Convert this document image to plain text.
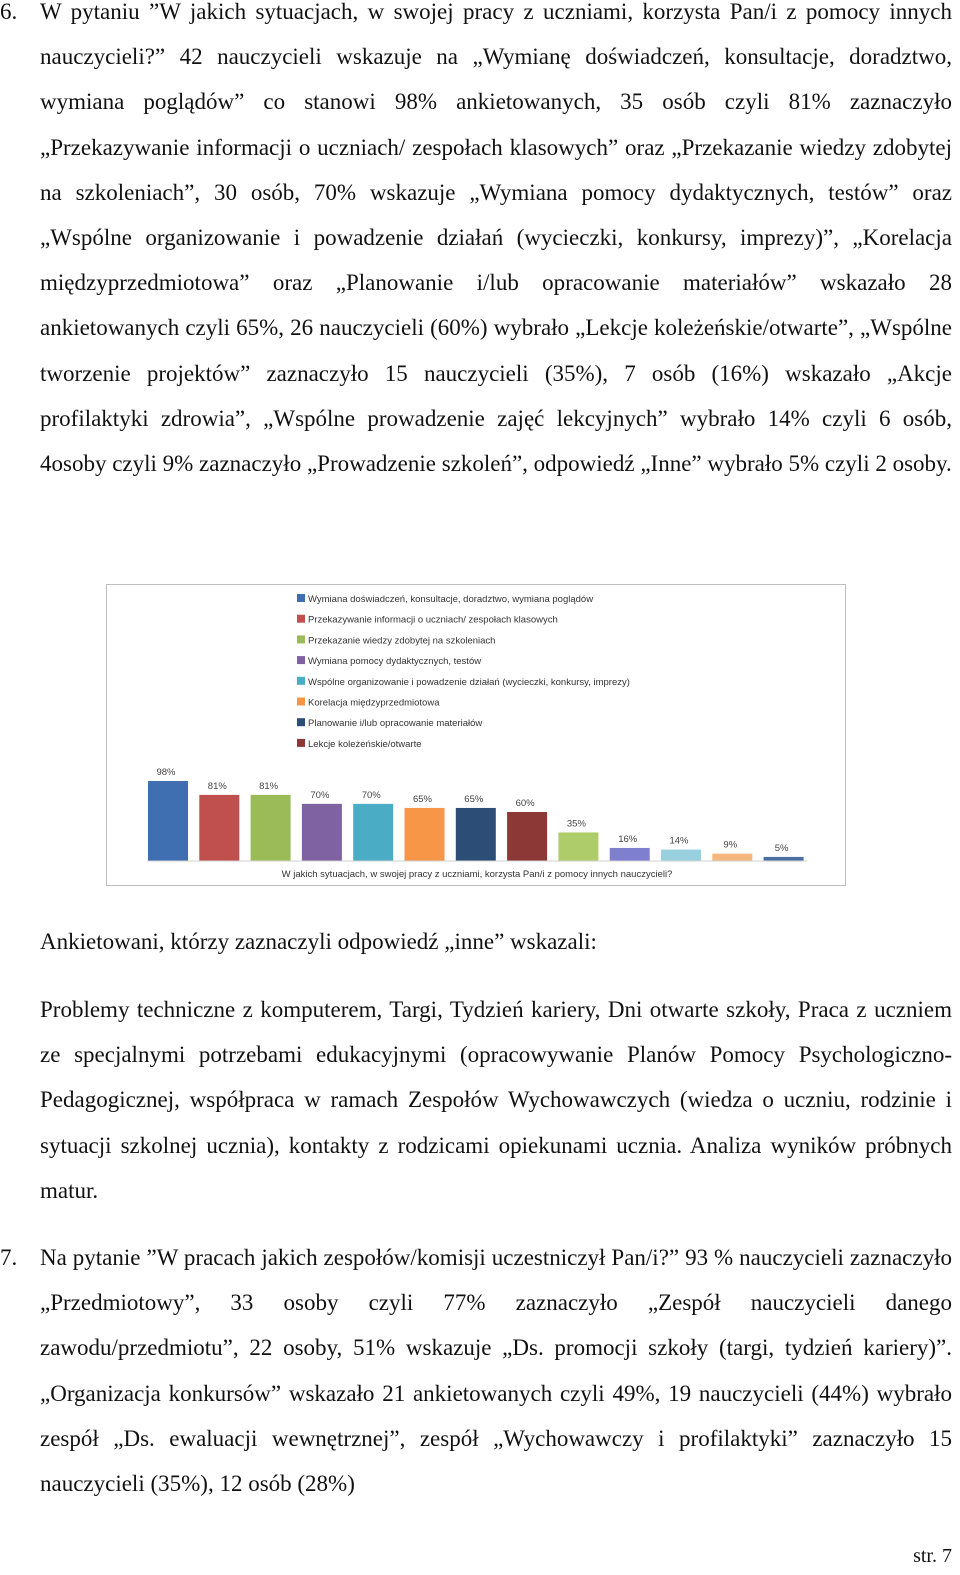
6. W pytaniu ”W jakich sytuacjach, w swojej pracy z uczniami, korzysta Pan/i z pomocy innych nauczycieli?” 42 nauczycieli wskazuje na „Wymianę doświadczeń, konsultacje, doradztwo, wymiana poglądów” co stanowi 98% ankietowanych, 35 osób czyli 81% zaznaczyło „Przekazywanie informacji o uczniach/ zespołach klasowych” oraz „Przekazanie wiedzy zdobytej na szkoleniach”, 30 osób, 70% wskazuje „Wymiana pomocy dydaktycznych, testów” oraz „Wspólne organizowanie i powadzenie działań (wycieczki, konkursy, imprezy)”, „Korelacja międzyprzedmiotowa” oraz „Planowanie i/lub opracowanie materiałów” wskazało 28 ankietowanych czyli 65%, 26 nauczycieli (60%) wybrało „Lekcje koleżeńskie/otwarte”, „Wspólne tworzenie projektów” zaznaczyło 15 nauczycieli (35%), 7 osób (16%) wskazało „Akcje profilaktyki zdrowia”, „Wspólne prowadzenie zajęć lekcyjnych” wybrało 14% czyli 6 osób, 4osoby czyli 9% zaznaczyło „Prowadzenie szkoleń”, odpowiedź „Inne” wybrało 5% czyli 2 osoby.

Wymiana doświadczeń, konsultacje, doradztwo, wymiana poglądów
Przekazywanie informacji o uczniach/ zespołach klasowych
Przekazanie wiedzy zdobytej na szkoleniach
Wymiana pomocy dydaktycznych, testów
Wspólne organizowanie i powadzenie działań (wycieczki, konkursy, imprezy)
Korelacja międzyprzedmiotowa
Planowanie i/lub opracowanie materiałów
Lekcje koleżeńskie/otwarte
98%
81%	81%
70%	70%	65%	65%	60%
35%
16%	14%	9%	5%
W jakich sytuacjach, w swojej pracy z uczniami, korzysta Pan/i z pomocy innych nauczycieli?

Ankietowani, którzy zaznaczyli odpowiedź „inne” wskazali:

Problemy techniczne z komputerem, Targi, Tydzień kariery, Dni otwarte szkoły, Praca z uczniem ze specjalnymi potrzebami edukacyjnymi (opracowywanie Planów Pomocy Psychologiczno- Pedagogicznej, współpraca w ramach Zespołów Wychowawczych (wiedza o uczniu, rodzinie i sytuacji szkolnej ucznia), kontakty z rodzicami opiekunami ucznia. Analiza wyników próbnych matur.

7. Na pytanie ”W pracach jakich zespołów/komisji uczestniczył Pan/i?” 93 % nauczycieli zaznaczyło „Przedmiotowy”, 33 osoby czyli 77% zaznaczyło „Zespół nauczycieli danego zawodu/przedmiotu”, 22 osoby, 51% wskazuje „Ds. promocji szkoły (targi, tydzień kariery)”. „Organizacja konkursów” wskazało 21 ankietowanych czyli 49%, 19 nauczycieli (44%) wybrało zespół „Ds. ewaluacji wewnętrznej”, zespół „Wychowawczy i profilaktyki” zaznaczyło 15 nauczycieli (35%), 12 osób (28%)

str. 7
